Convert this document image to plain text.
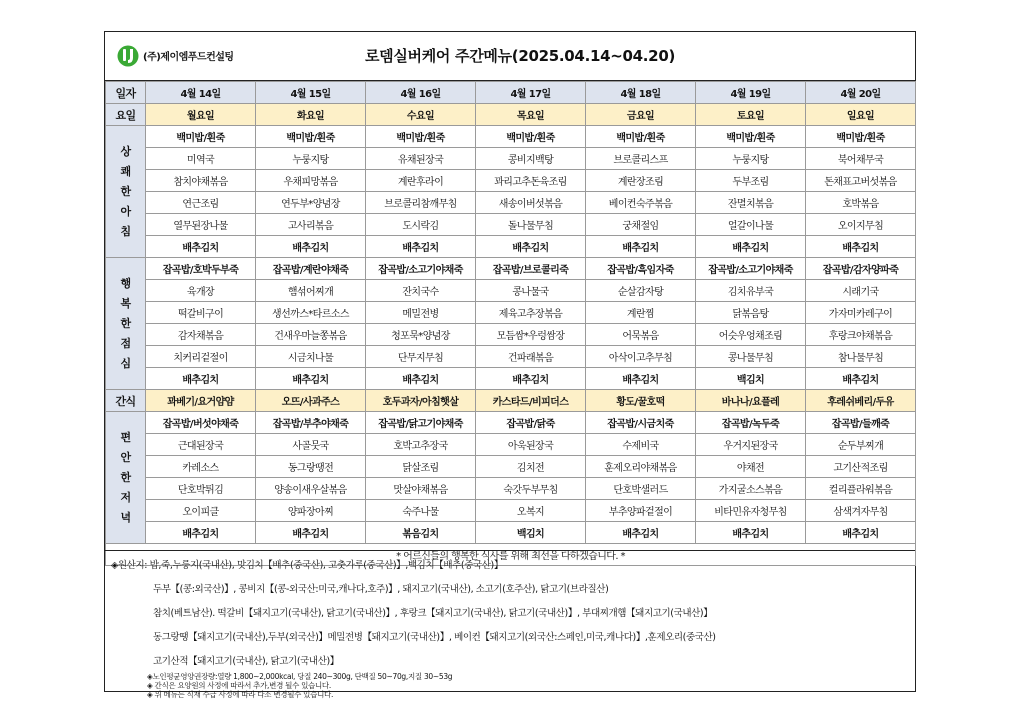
(주)제이엠푸드컨설팅	로뎀실버케어 주간메뉴(2025.04.14~04.20)
일자	4월 14일	4월 15일	4월 16일	4월 17일	4월 18일	4월 19일	4월 20일
요일	월요일	화요일	수요일	목요일	금요일	토요일	일요일

상
쾌
한
아
침	백미밥/흰죽	백미밥/흰죽	백미밥/흰죽	백미밥/흰죽	백미밥/흰죽	백미밥/흰죽	백미밥/흰죽
	미역국	누룽지탕	유채된장국	콩비지백탕	브로콜리스프	누룽지탕	북어채무국
	참치야채볶음	우채피망볶음	계란후라이	꽈리고추돈육조림	계란장조림	두부조림	돈채표고버섯볶음
	연근조림	연두부*양념장	브로콜리참깨무침	새송이버섯볶음	베이컨숙주볶음	잔멸치볶음	호박볶음
	열무된장나물	고사리볶음	도시락김	돌나물무침	궁채절임	얼갈이나물	오이지무침
	배추김치	배추김치	배추김치	배추김치	배추김치	배추김치	배추김치

행
복
한
점
심	잡곡밥/호박두부죽	잡곡밥/계란야채죽	잡곡밥/소고기야채죽	잡곡밥/브로콜리죽	잡곡밥/흑임자죽	잡곡밥/소고기야채죽	잡곡밥/감자양파죽
	육개장	햄섞어찌개	잔치국수	콩나물국	순살감자탕	김치유부국	시래기국
	떡갈비구이	생선까스*타르소스	메밀전병	제육고추장볶음	계란찜	닭볶음탕	가자미카레구이
	감자채볶음	건새우마늘쫑볶음	청포묵*양념장	모듬쌈*우렁쌈장	어묵볶음	어슷우엉채조림	후랑크야채볶음
	치커리겉절이	시금치나물	단무지무침	건파래볶음	아삭이고추무침	콩나물무침	참나물무침
	배추김치	배추김치	배추김치	배추김치	배추김치	백김치	배추김치
간식	꽈베기/요거얌얌	오뜨/사과주스	호두과자/아침햇살	카스타드/비피더스	황도/꿀호떡	바나나/요플레	후레쉬베리/두유

편
안
한
저
녁	잡곡밥/버섯야채죽	잡곡밥/부추야채죽	잡곡밥/닭고기야채죽	잡곡밥/닭죽	잡곡밥/시금치죽	잡곡밥/녹두죽	잡곡밥/들깨죽
	근대된장국	사골뭇국	호박고추장국	아욱된장국	수제비국	우거지된장국	순두부찌개
	카레소스	동그랑땡전	닭살조림	김치전	훈제오리야채볶음	야채전	고기산적조림
	단호박튀김	양송이새우살볶음	맛살야채볶음	숙갓두부무침	단호박샐러드	가지굴소스볶음	컬리플라워볶음
	오이피클	양파장아찌	숙주나물	오복지	부추양파겉절이	비타민유자청무침	삼색겨자무침
	배추김치	배추김치	볶음김치	백김치	배추김치	배추김치	배추김치
* 어르신들의 행복한 식사를 위해 최선을 다하겠습니다. *							
◈원산지: 밥,죽,누룽지(국내산), 맛김치【배추(중국산), 고춧가루(중국산)】,백김치【배추(중국산)】
두부【(콩:외국산)】, 콩비지【(콩-외국산:미국,캐나다,호주)】, 돼지고기(국내산), 소고기(호주산), 닭고기(브라질산)
참치(베트남산). 떡갈비【돼지고기(국내산), 닭고기(국내산)】, 후랑크【돼지고기(국내산), 닭고기(국내산)】, 부대찌개햄【돼지고기(국내산)】
동그랑땡【돼지고기(국내산),두부(외국산)】메밀전병【돼지고기(국내산)】, 베이컨【돼지고기(외국산:스페인,미국,캐나다)】,훈제오리(중국산)
고기산적【돼지고기(국내산), 닭고기(국내산)】
◈노인평균영양권장량:열량 1,800~2,000kcal, 당질 240~300g, 단백질 50~70g,지질 30~53g
◈ 간식은 요양원의 사정에 따라서 추가,변경 될수 있습니다.
◈ 위 메뉴는 식재 수급 사정에 따라 다소 변경될수 있습니다.
